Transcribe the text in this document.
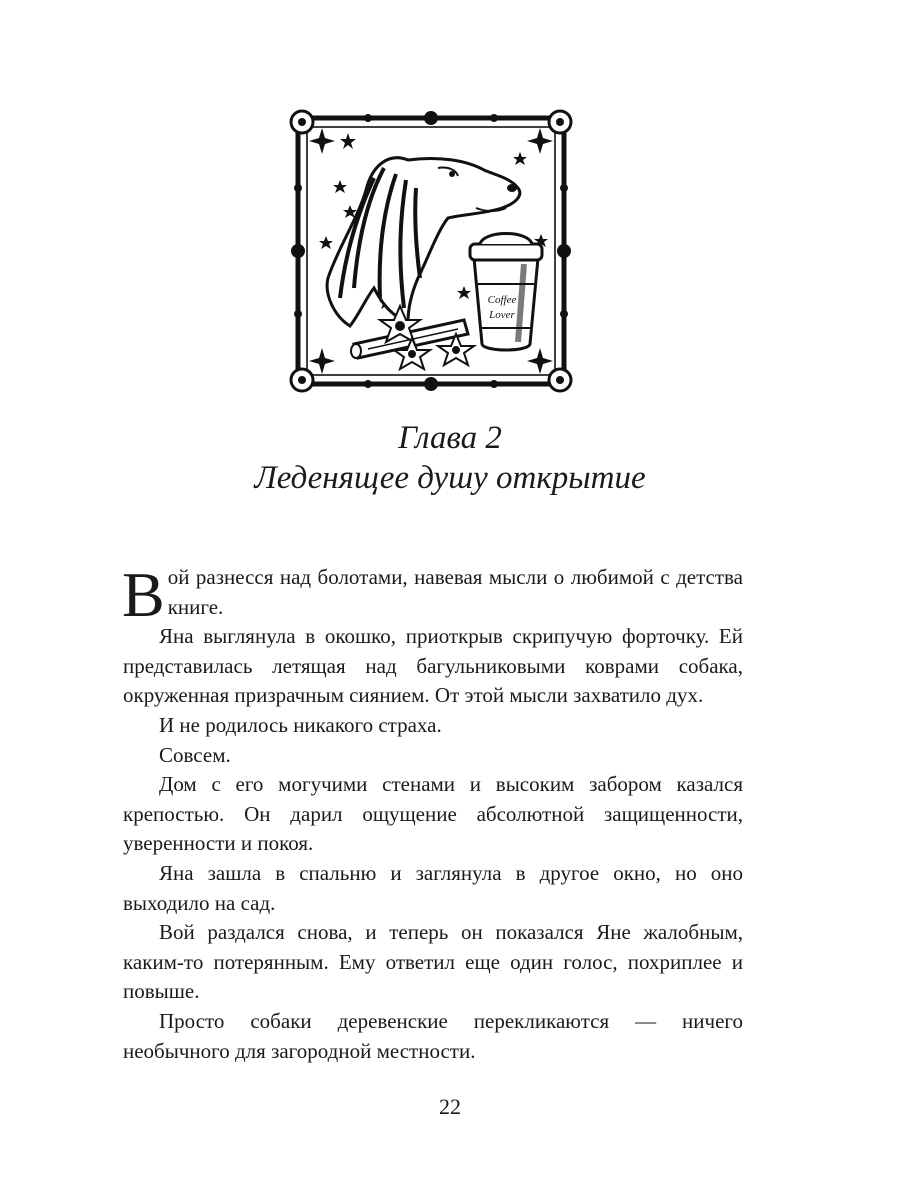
Coffee
Lover
Глава 2
Леденящее душу открытие

Вой разнесся над болотами, навевая мысли о любимой с детства книге.

Яна выглянула в окошко, приоткрыв скрипучую форточку. Ей представилась летящая над багульниковыми коврами собака, окруженная призрачным сиянием. От этой мысли захватило дух.

И не родилось никакого страха.

Совсем.

Дом с его могучими стенами и высоким забором казался крепостью. Он дарил ощущение абсолютной защищенности, уверенности и покоя.

Яна зашла в спальню и заглянула в другое окно, но оно выходило на сад.

Вой раздался снова, и теперь он показался Яне жалобным, каким-то потерянным. Ему ответил еще один голос, похриплее и повыше.

Просто собаки деревенские перекликаются — ничего необычного для загородной местности.

22
